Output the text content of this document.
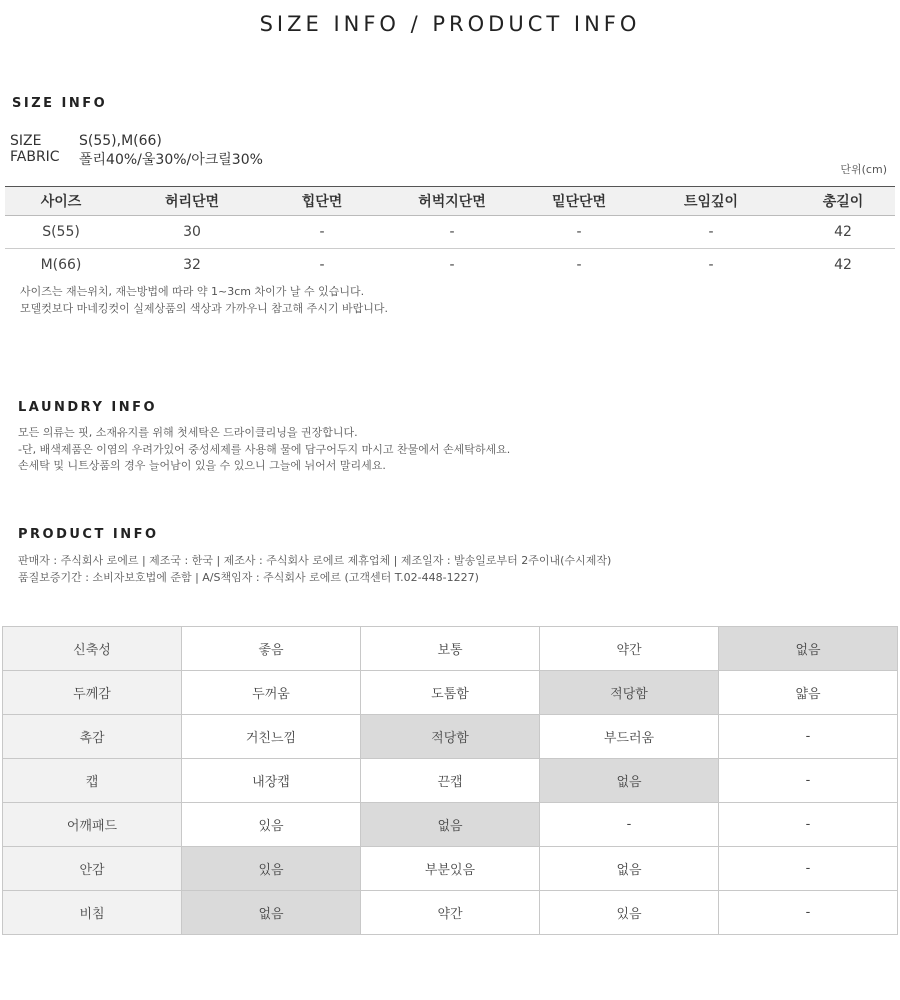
SIZE INFO / PRODUCT INFO
SIZE INFO
SIZE	S(55),M(66)
FABRIC	폴리40%/울30%/아크릴30%
단위(cm)
사이즈	허리단면	힙단면	허벅지단면	밑단단면	트임깊이	총길이
S(55)	30	-	-	-	-	42
M(66)	32	-	-	-	-	42
사이즈는 재는위치, 재는방법에 따라 약 1~3cm 차이가 날 수 있습니다.
모델컷보다 마네킹컷이 실제상품의 색상과 가까우니 참고해 주시기 바랍니다.
LAUNDRY INFO
모든 의류는 핏, 소재유지를 위해 첫세탁은 드라이클리닝을 권장합니다.
-단, 배색제품은 이염의 우려가있어 중성세제를 사용해 물에 담구어두지 마시고 찬물에서 손세탁하세요.
손세탁 및 니트상품의 경우 늘어남이 있을 수 있으니 그늘에 뉘어서 말리세요.
PRODUCT INFO
판매자 : 주식회사 로에르 | 제조국 : 한국 | 제조사 : 주식회사 로에르 제휴업체 | 제조일자 : 발송일로부터 2주이내(수시제작)
품질보증기간 : 소비자보호법에 준함 | A/S책임자 : 주식회사 로에르 (고객센터 T.02-448-1227)
신축성	좋음	보통	약간	없음
두께감	두꺼움	도톰함	적당함	얇음
촉감	거친느낌	적당함	부드러움	-
캡	내장캡	끈캡	없음	-
어깨패드	있음	없음	-	-
안감	있음	부분있음	없음	-
비침	없음	약간	있음	-
